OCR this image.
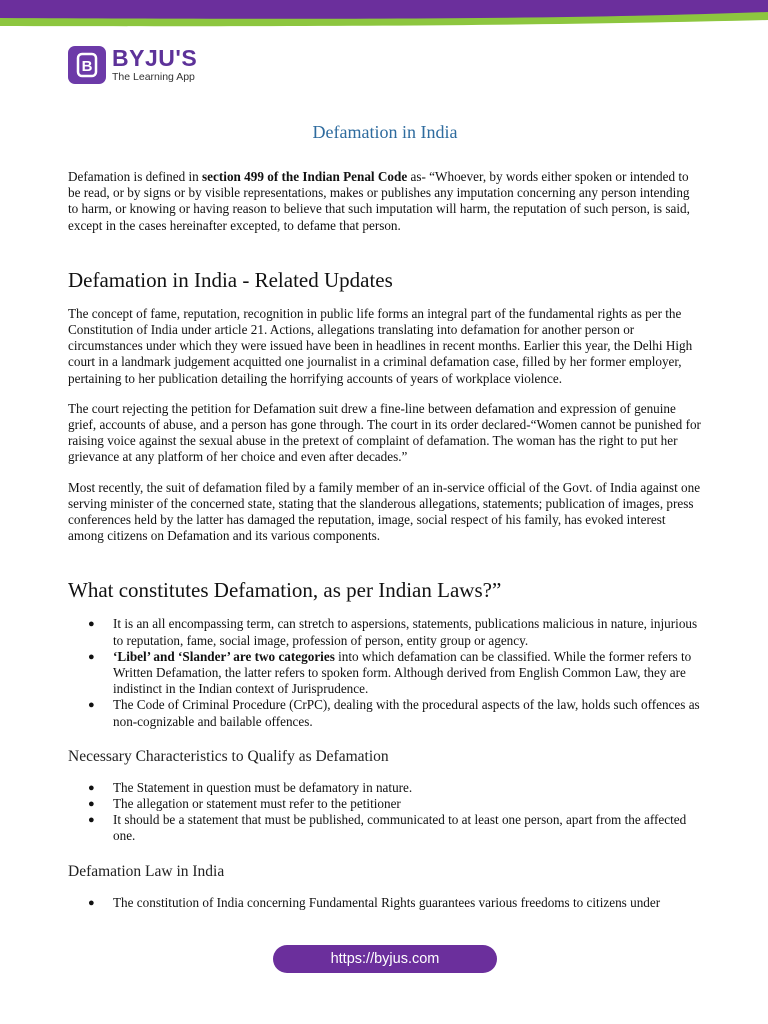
B BYJU'S
The Learning App
Defamation in India

Defamation is defined in section 499 of the Indian Penal Code as- “Whoever, by words either spoken or intended to be read, or by signs or by visible representations, makes or publishes any imputation concerning any person intending to harm, or knowing or having reason to believe that such imputation will harm, the reputation of such person, is said, except in the cases hereinafter excepted, to defame that person.

Defamation in India - Related Updates

The concept of fame, reputation, recognition in public life forms an integral part of the fundamental rights as per the Constitution of India under article 21. Actions, allegations translating into defamation for another person or circumstances under which they were issued have been in headlines in recent months. Earlier this year, the Delhi High court in a landmark judgement acquitted one journalist in a criminal defamation case, filled by her former employer, pertaining to her publication detailing the horrifying accounts of years of workplace violence.

The court rejecting the petition for Defamation suit drew a fine-line between defamation and expression of genuine grief, accounts of abuse, and a person has gone through. The court in its order declared-“Women cannot be punished for raising voice against the sexual abuse in the pretext of complaint of defamation. The woman has the right to put her grievance at any platform of her choice and even after decades.”

Most recently, the suit of defamation filed by a family member of an in-service official of the Govt. of India against one serving minister of the concerned state, stating that the slanderous allegations, statements; publication of images, press conferences held by the latter has damaged the reputation, image, social respect of his family, has evoked interest among citizens on Defamation and its various components.

What constitutes Defamation, as per Indian Laws?”
● It is an all encompassing term, can stretch to aspersions, statements, publications malicious in nature, injurious to reputation, fame, social image, profession of person, entity group or agency.
● ‘Libel’ and ‘Slander’ are two categories into which defamation can be classified. While the former refers to Written Defamation, the latter refers to spoken form. Although derived from English Common Law, they are indistinct in the Indian context of Jurisprudence.
● The Code of Criminal Procedure (CrPC), dealing with the procedural aspects of the law, holds such offences as non-cognizable and bailable offences.
Necessary Characteristics to Qualify as Defamation
● The Statement in question must be defamatory in nature.
● The allegation or statement must refer to the petitioner
● It should be a statement that must be published, communicated to at least one person, apart from the affected one.
Defamation Law in India
● The constitution of India concerning Fundamental Rights guarantees various freedoms to citizens under
https://byjus.com
